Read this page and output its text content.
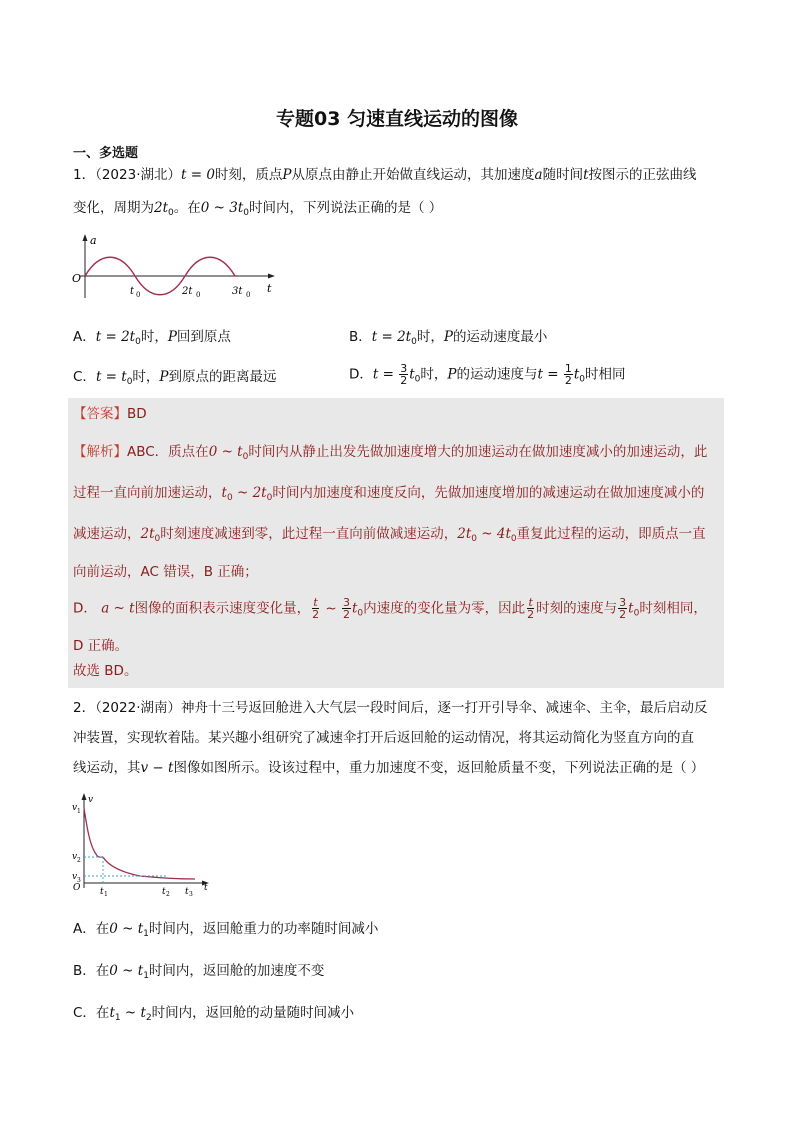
专题03 匀速直线运动的图像
一、多选题
1．（2023·湖北）t = 0时刻，质点P从原点由静止开始做直线运动，其加速度a随时间t按图示的正弦曲线
变化，周期为$2t_0$。在0 ~ $3t_0$时间内，下列说法正确的是（ ）
a
t
O
t 0	2t 0	3t 0
A．$t = 2t_0$时，P回到原点	B．$t = 2t_0$时，P的运动速度最小
C．$t = t_0$时，P到原点的距离最远	D．$t = \frac{3}{2} t_0$时，P的运动速度与$t = \frac{1}{2} t_0$时相同
【答案】BD
【解析】ABC．质点在0 ~ $t_0$时间内从静止出发先做加速度增大的加速运动在做加速度减小的加速运动，此
过程一直向前加速运动，$t_0$ ~ $2t_0$时间内加速度和速度反向，先做加速度增加的减速运动在做加速度减小的
减速运动，$2t_0$时刻速度减速到零，此过程一直向前做减速运动，$2t_0$ ~ $4t_0$重复此过程的运动，即质点一直
向前运动，AC 错误，B 正确；
D． a ~ t图像的面积表示速度变化量， $\frac{t}{2}$ ~ $\frac{3}{2} t_0$内速度的变化量为零，因此 $\frac{t}{2}$ 时刻的速度与 $\frac{3}{2} t_0$时刻相同，
D 正确。
故选 BD。
2．（2022·湖南）神舟十三号返回舱进入大气层一段时间后，逐一打开引导伞、减速伞、主伞，最后启动反
冲装置，实现软着陆。某兴趣小组研究了减速伞打开后返回舱的运动情况，将其运动简化为竖直方向的直
线运动，其v − t图像如图所示。设该过程中，重力加速度不变，返回舱质量不变，下列说法正确的是（ ）
v 1
v
v 2
v 3
O t 1	t 2 t 3
t
A．在0 ~ $t_1$时间内，返回舱重力的功率随时间减小
B．在0 ~ $t_1$时间内，返回舱的加速度不变
C．在$t_1$ ~ $t_2$时间内，返回舱的动量随时间减小
